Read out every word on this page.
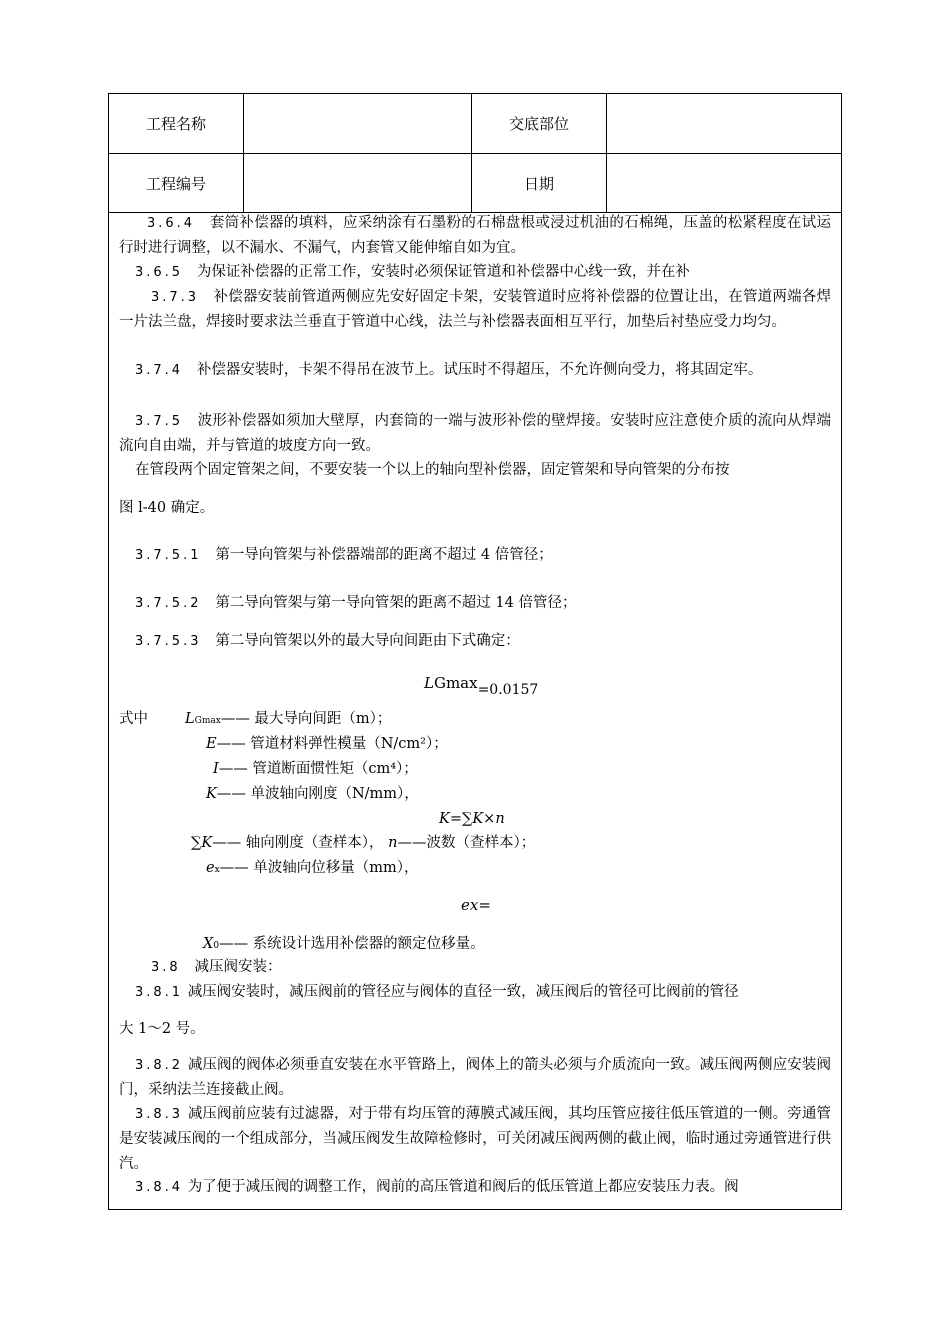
工程名称	交底部位
工程编号	日期
3.6.4 套筒补偿器的填料，应采纳涂有石墨粉的石棉盘根或浸过机油的石棉绳，压盖的松紧程度在试运行时进行调整，以不漏水、不漏气，内套管又能伸缩自如为宜。
3.6.5 为保证补偿器的正常工作，安装时必须保证管道和补偿器中心线一致，并在补
3.7.3 补偿器安装前管道两侧应先安好固定卡架，安装管道时应将补偿器的位置让出，在管道两端各焊一片法兰盘，焊接时要求法兰垂直于管道中心线，法兰与补偿器表面相互平行，加垫后衬垫应受力均匀。
3.7.4 补偿器安装时，卡架不得吊在波节上。试压时不得超压，不允许侧向受力，将其固定牢。
3.7.5 波形补偿器如须加大壁厚，内套筒的一端与波形补偿的壁焊接。安装时应注意使介质的流向从焊端流向自由端，并与管道的坡度方向一致。
在管段两个固定管架之间，不要安装一个以上的轴向型补偿器，固定管架和导向管架的分布按
图 l-40 确定。
3.7.5.1 第一导向管架与补偿器端部的距离不超过 4 倍管径；
3.7.5.2 第二导向管架与第一导向管架的距离不超过 14 倍管径；
3.7.5.3 第二导向管架以外的最大导向间距由下式确定：
LGmax=0.0157
式中	LGmax—— 最大导向间距（m）；
E—— 管道材料弹性模量（N/cm²）；
I—— 管道断面惯性矩（cm⁴）；
K—— 单波轴向刚度（N/mm），
K=∑K×n
∑K—— 轴向刚度（查样本）， n——波数（查样本）；
ex—— 单波轴向位移量（mm），
ex=
X0—— 系统设计选用补偿器的额定位移量。
3.8 减压阀安装：
3.8.1 减压阀安装时，减压阀前的管径应与阀体的直径一致，减压阀后的管径可比阀前的管径
大 1～2 号。
3.8.2 减压阀的阀体必须垂直安装在水平管路上，阀体上的箭头必须与介质流向一致。减压阀两侧应安装阀门，采纳法兰连接截止阀。
3.8.3 减压阀前应装有过滤器，对于带有均压管的薄膜式减压阀，其均压管应接往低压管道的一侧。旁通管是安装减压阀的一个组成部分，当减压阀发生故障检修时，可关闭减压阀两侧的截止阀，临时通过旁通管进行供汽。
3.8.4 为了便于减压阀的调整工作，阀前的高压管道和阀后的低压管道上都应安装压力表。阀
